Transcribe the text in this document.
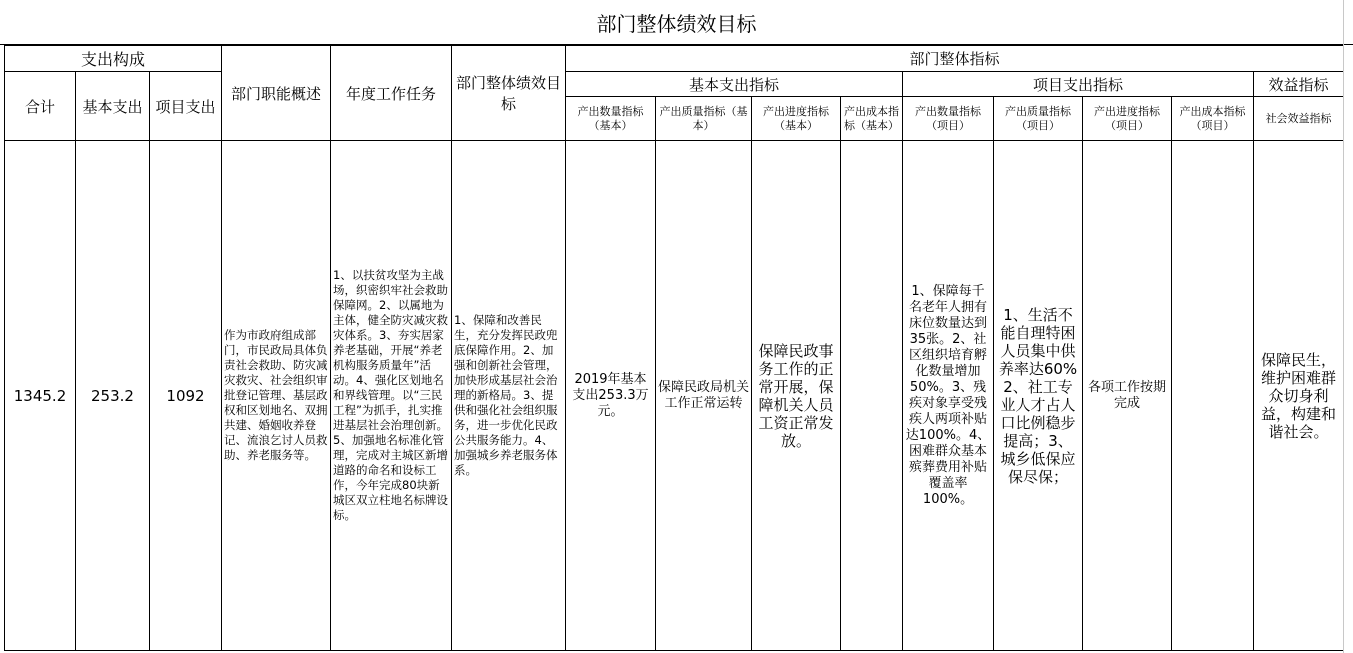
部门整体绩效目标
支出构成			部门职能概述	年度工作任务	部门整体绩效目标	部门整体指标								
合计	基本支出	项目支出				基本支出指标				项目支出指标				效益指标
						产出数量指标（基本）	产出质量指标（基本）	产出进度指标（基本）	产出成本指标（基本）	产出数量指标（项目）	产出质量指标（项目）	产出进度指标（项目）	产出成本指标（项目）	社会效益指标
1345.2	253.2	1092	作为市政府组成部门，市民政局具体负责社会救助、防灾减灾救灾、社会组织审批登记管理、基层政权和区划地名、双拥共建、婚姻收养登记、流浪乞讨人员救助、养老服务等。	1、以扶贫攻坚为主战场，织密织牢社会救助保障网。2、以属地为主体，健全防灾减灾救灾体系。3、夯实居家养老基础，开展“养老机构服务质量年”活动。4、强化区划地名和界线管理。以“三民工程”为抓手，扎实推进基层社会治理创新。5、加强地名标准化管理，完成对主城区新增道路的命名和设标工作，今年完成80块新城区双立柱地名标牌设标。	1、保障和改善民生，充分发挥民政兜底保障作用。2、加强和创新社会管理，加快形成基层社会治理的新格局。3、提供和强化社会组织服务，进一步优化民政公共服务能力。4、加强城乡养老服务体系。	2019年基本支出253.3万元。	保障民政局机关工作正常运转	保障民政事务工作的正常开展，保障机关人员工资正常发放。		1、保障每千名老年人拥有床位数量达到35张。2、社区组织培育孵化数量增加50%。3、残疾对象享受残疾人两项补贴达100%。4、困难群众基本殡葬费用补贴覆盖率100%。	1、生活不能自理特困人员集中供养率达60% 2、社工专业人才占人口比例稳步提高；3、城乡低保应保尽保；	各项工作按期完成		保障民生，维护困难群众切身利益，构建和谐社会。
